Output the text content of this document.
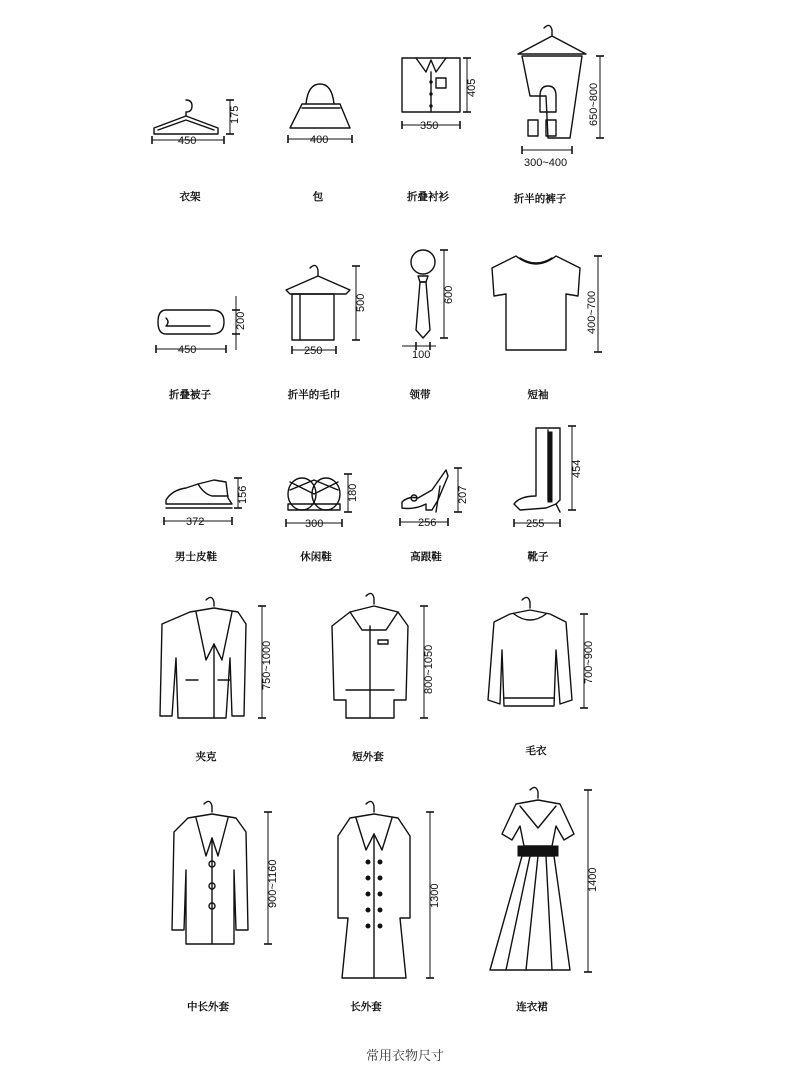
450
175
400
350
405
300~400
650~800
450
200
250
500
100
600	400~700
372
156
300
180
256
207
255
454
750~1000	800~1050	700~900
900~1160	1300
1400
衣架	包	折叠衬衫	折半的裤子
折叠被子	折半的毛巾	领带	短袖
男士皮鞋	休闲鞋	高跟鞋	靴子
夹克	短外套	毛衣
中长外套	长外套	连衣裙
常用衣物尺寸
